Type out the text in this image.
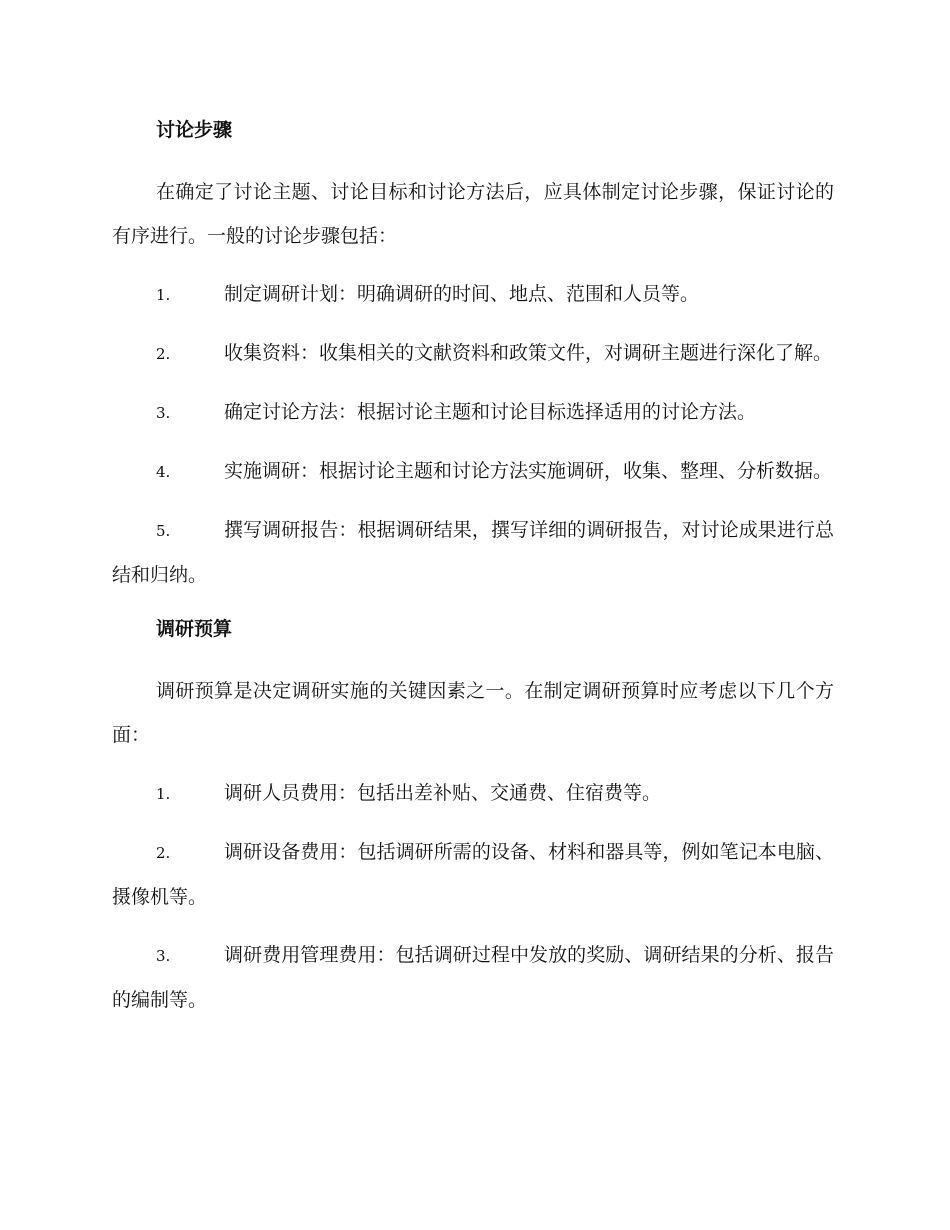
讨论步骤

在确定了讨论主题、讨论目标和讨论方法后，应具体制定讨论步骤，保证讨论的有序进行。一般的讨论步骤包括：

1.	制定调研计划：明确调研的时间、地点、范围和人员等。

2.	收集资料：收集相关的文献资料和政策文件，对调研主题进行深化了解。

3.	确定讨论方法：根据讨论主题和讨论目标选择适用的讨论方法。

4.	实施调研：根据讨论主题和讨论方法实施调研，收集、整理、分析数据。

5.	撰写调研报告：根据调研结果，撰写详细的调研报告，对讨论成果进行总结和归纳。

调研预算

调研预算是决定调研实施的关键因素之一。在制定调研预算时应考虑以下几个方面：

1.	调研人员费用：包括出差补贴、交通费、住宿费等。

2.	调研设备费用：包括调研所需的设备、材料和器具等，例如笔记本电脑、摄像机等。

3.	调研费用管理费用：包括调研过程中发放的奖励、调研结果的分析、报告的编制等。
